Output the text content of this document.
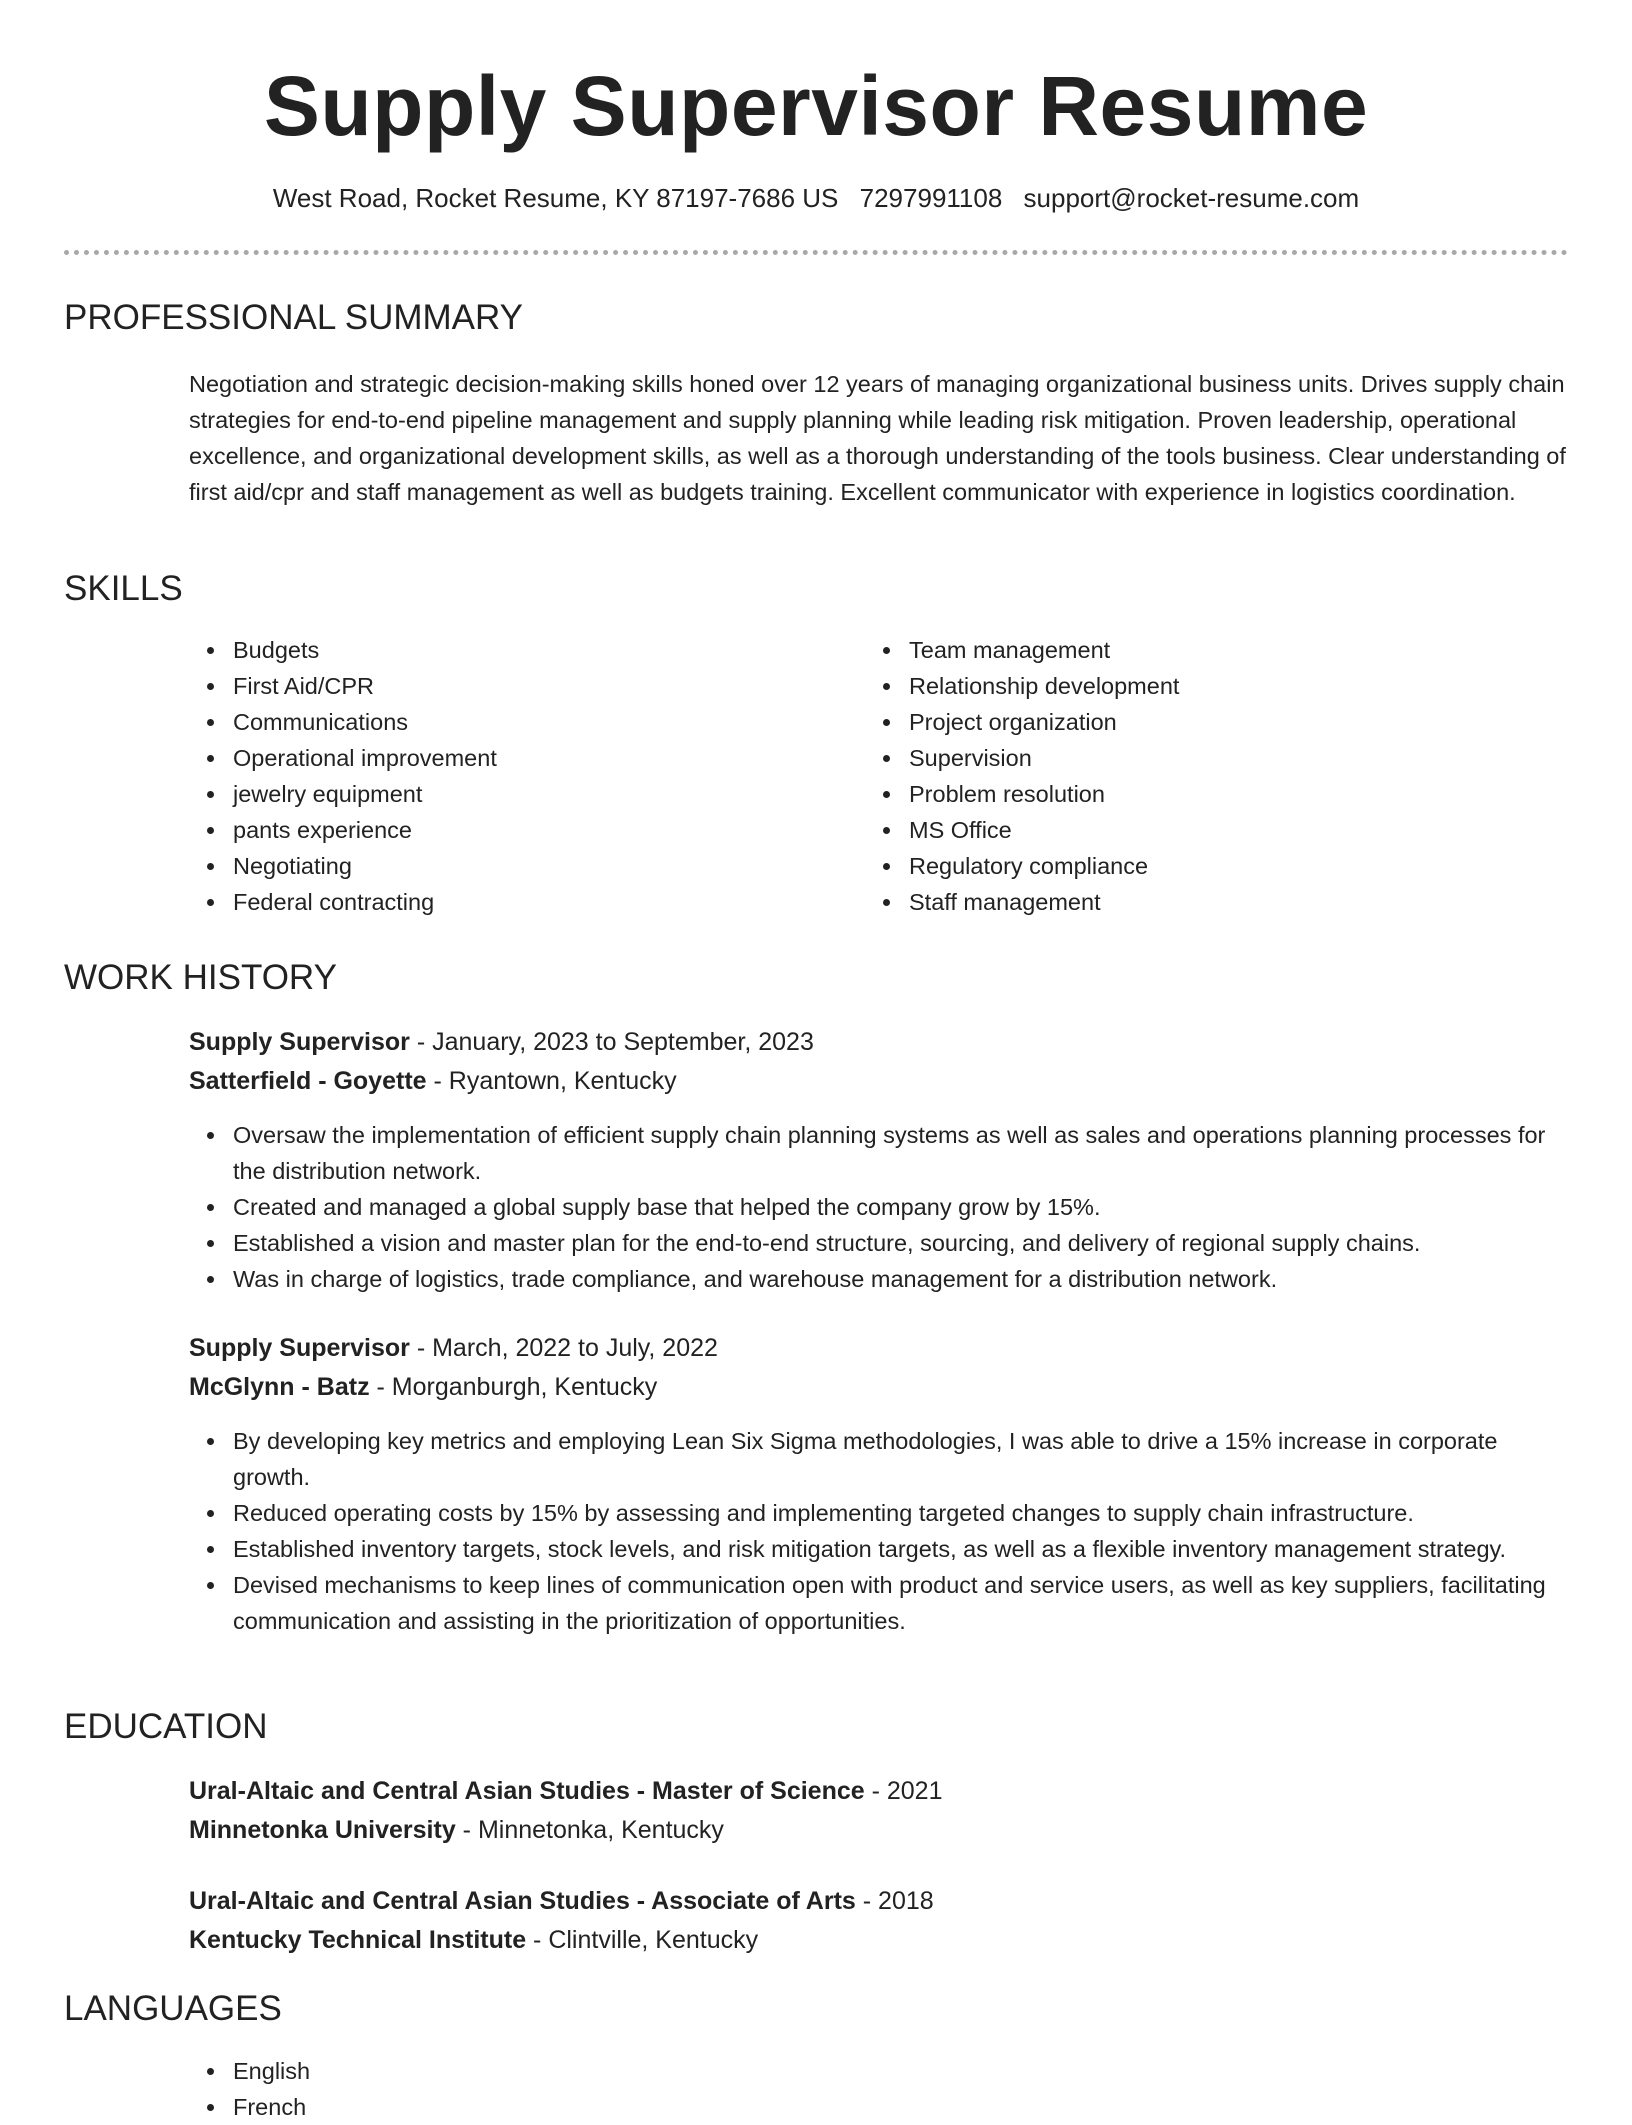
Supply Supervisor Resume
West Road, Rocket Resume, KY 87197-7686 US 7297991108 support@rocket-resume.com
PROFESSIONAL SUMMARY

Negotiation and strategic decision-making skills honed over 12 years of managing organizational business units. Drives supply chain strategies for end-to-end pipeline management and supply planning while leading risk mitigation. Proven leadership, operational excellence, and organizational development skills, as well as a thorough understanding of the tools business. Clear understanding of first aid/cpr and staff management as well as budgets training. Excellent communicator with experience in logistics coordination.

SKILLS
Budgets
First Aid/CPR
Communications
Operational improvement
jewelry equipment
pants experience
Negotiating
Federal contracting
Team management
Relationship development
Project organization
Supervision
Problem resolution
MS Office
Regulatory compliance
Staff management
WORK HISTORY
Supply Supervisor - January, 2023 to September, 2023
Satterfield - Goyette - Ryantown, Kentucky
Oversaw the implementation of efficient supply chain planning systems as well as sales and operations planning processes for the distribution network.
Created and managed a global supply base that helped the company grow by 15%.
Established a vision and master plan for the end-to-end structure, sourcing, and delivery of regional supply chains.
Was in charge of logistics, trade compliance, and warehouse management for a distribution network.
Supply Supervisor - March, 2022 to July, 2022
McGlynn - Batz - Morganburgh, Kentucky
By developing key metrics and employing Lean Six Sigma methodologies, I was able to drive a 15% increase in corporate growth.
Reduced operating costs by 15% by assessing and implementing targeted changes to supply chain infrastructure.
Established inventory targets, stock levels, and risk mitigation targets, as well as a flexible inventory management strategy.
Devised mechanisms to keep lines of communication open with product and service users, as well as key suppliers, facilitating communication and assisting in the prioritization of opportunities.
EDUCATION
Ural-Altaic and Central Asian Studies - Master of Science - 2021
Minnetonka University - Minnetonka, Kentucky
Ural-Altaic and Central Asian Studies - Associate of Arts - 2018
Kentucky Technical Institute - Clintville, Kentucky
LANGUAGES
English
French
